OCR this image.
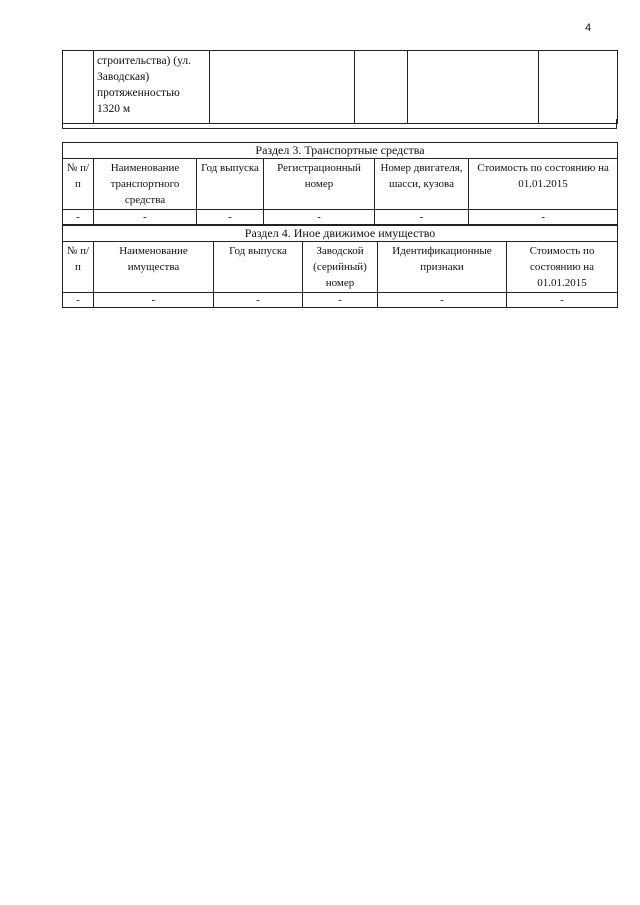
4

строительства) (ул.
Заводская)
протяженностью
1320 м

Раздел 3. Транспортные средства					
№ п/п	Наименование транспортного средства	Год выпуска	Регистрационный номер	Номер двигателя, шасси, кузова	Стоимость по состоянию на 01.01.2015
-	-	-	-	-	-
Раздел 4. Иное движимое имущество					
№ п/п	Наименование имущества	Год выпуска	Заводской (серийный) номер	Идентификационные признаки	Стоимость по состоянию на 01.01.2015
-	-	-	-	-	-
